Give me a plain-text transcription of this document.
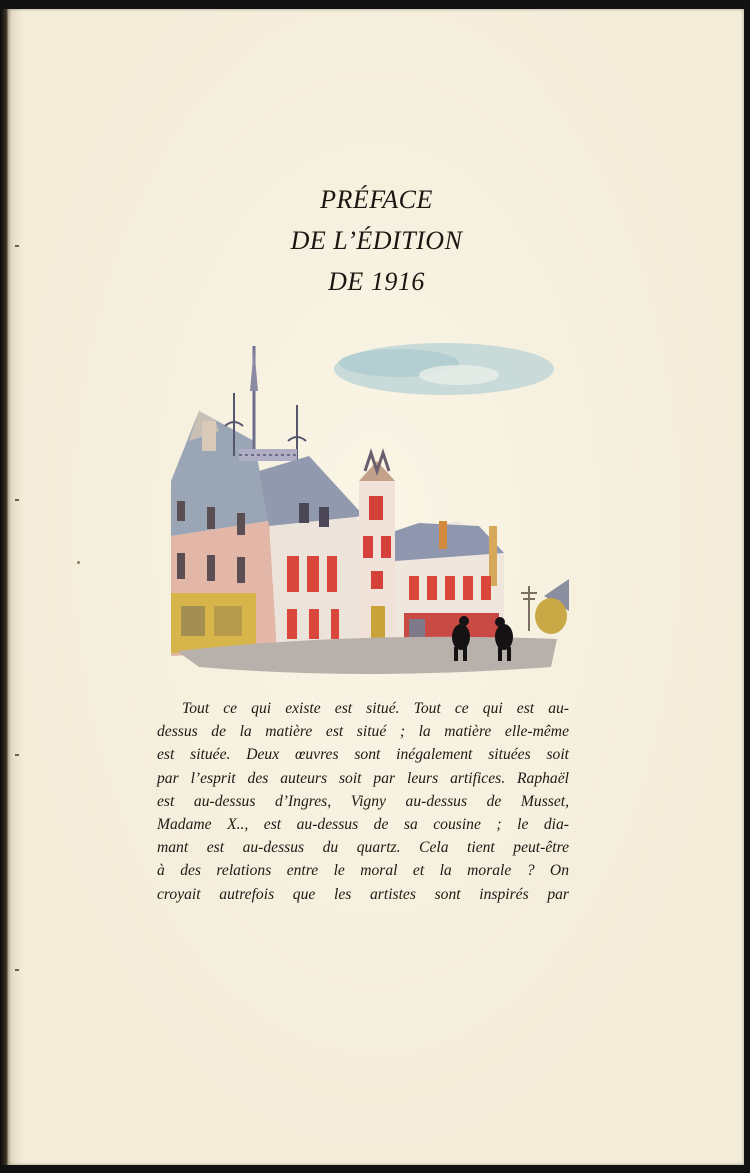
PRÉFACE
DE L’ÉDITION
DE 1916
Tout ce qui existe est situé. Tout ce qui est au-
dessus de la matière est situé ; la matière elle-même
est située. Deux œuvres sont inégalement situées soit
par l’esprit des auteurs soit par leurs artifices. Raphaël
est au-dessus d’Ingres, Vigny au-dessus de Musset,
Madame X.., est au-dessus de sa cousine ; le dia-
mant est au-dessus du quartz. Cela tient peut-être
à des relations entre le moral et la morale ? On
croyait autrefois que les artistes sont inspirés par
